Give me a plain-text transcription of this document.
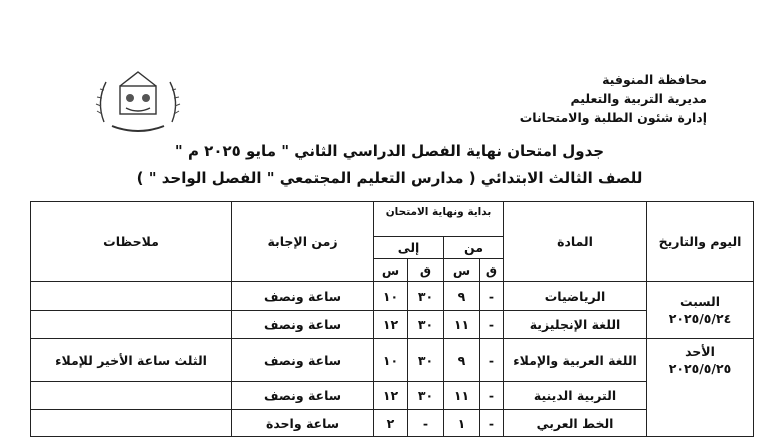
محافظة المنوفية
مديرية التربية والتعليم
إدارة شئون الطلبة والامتحانات
جدول امتحان نهاية الفصل الدراسي الثاني " مايو ٢٠٢٥ م "
للصف الثالث الابتدائي ( مدارس التعليم المجتمعي " الفصل الواحد " )
اليوم والتاريخ	المادة	بداية ونهاية الامتحان				زمن الإجابة	ملاحظات
		من		إلى			
		ق	س	ق	س		

السبت
٢٠٢٥/٥/٢٤	الرياضيات	-	٩	٣٠	١٠	ساعة ونصف	
	اللغة الإنجليزية	-	١١	٣٠	١٢	ساعة ونصف	

الأحد
٢٠٢٥/٥/٢٥	اللغة العربية والإملاء	-	٩	٣٠	١٠	ساعة ونصف	الثلث ساعة الأخير للإملاء
	التربية الدينية	-	١١	٣٠	١٢	ساعة ونصف	
	الخط العربي	-	١	-	٢	ساعة واحدة	
